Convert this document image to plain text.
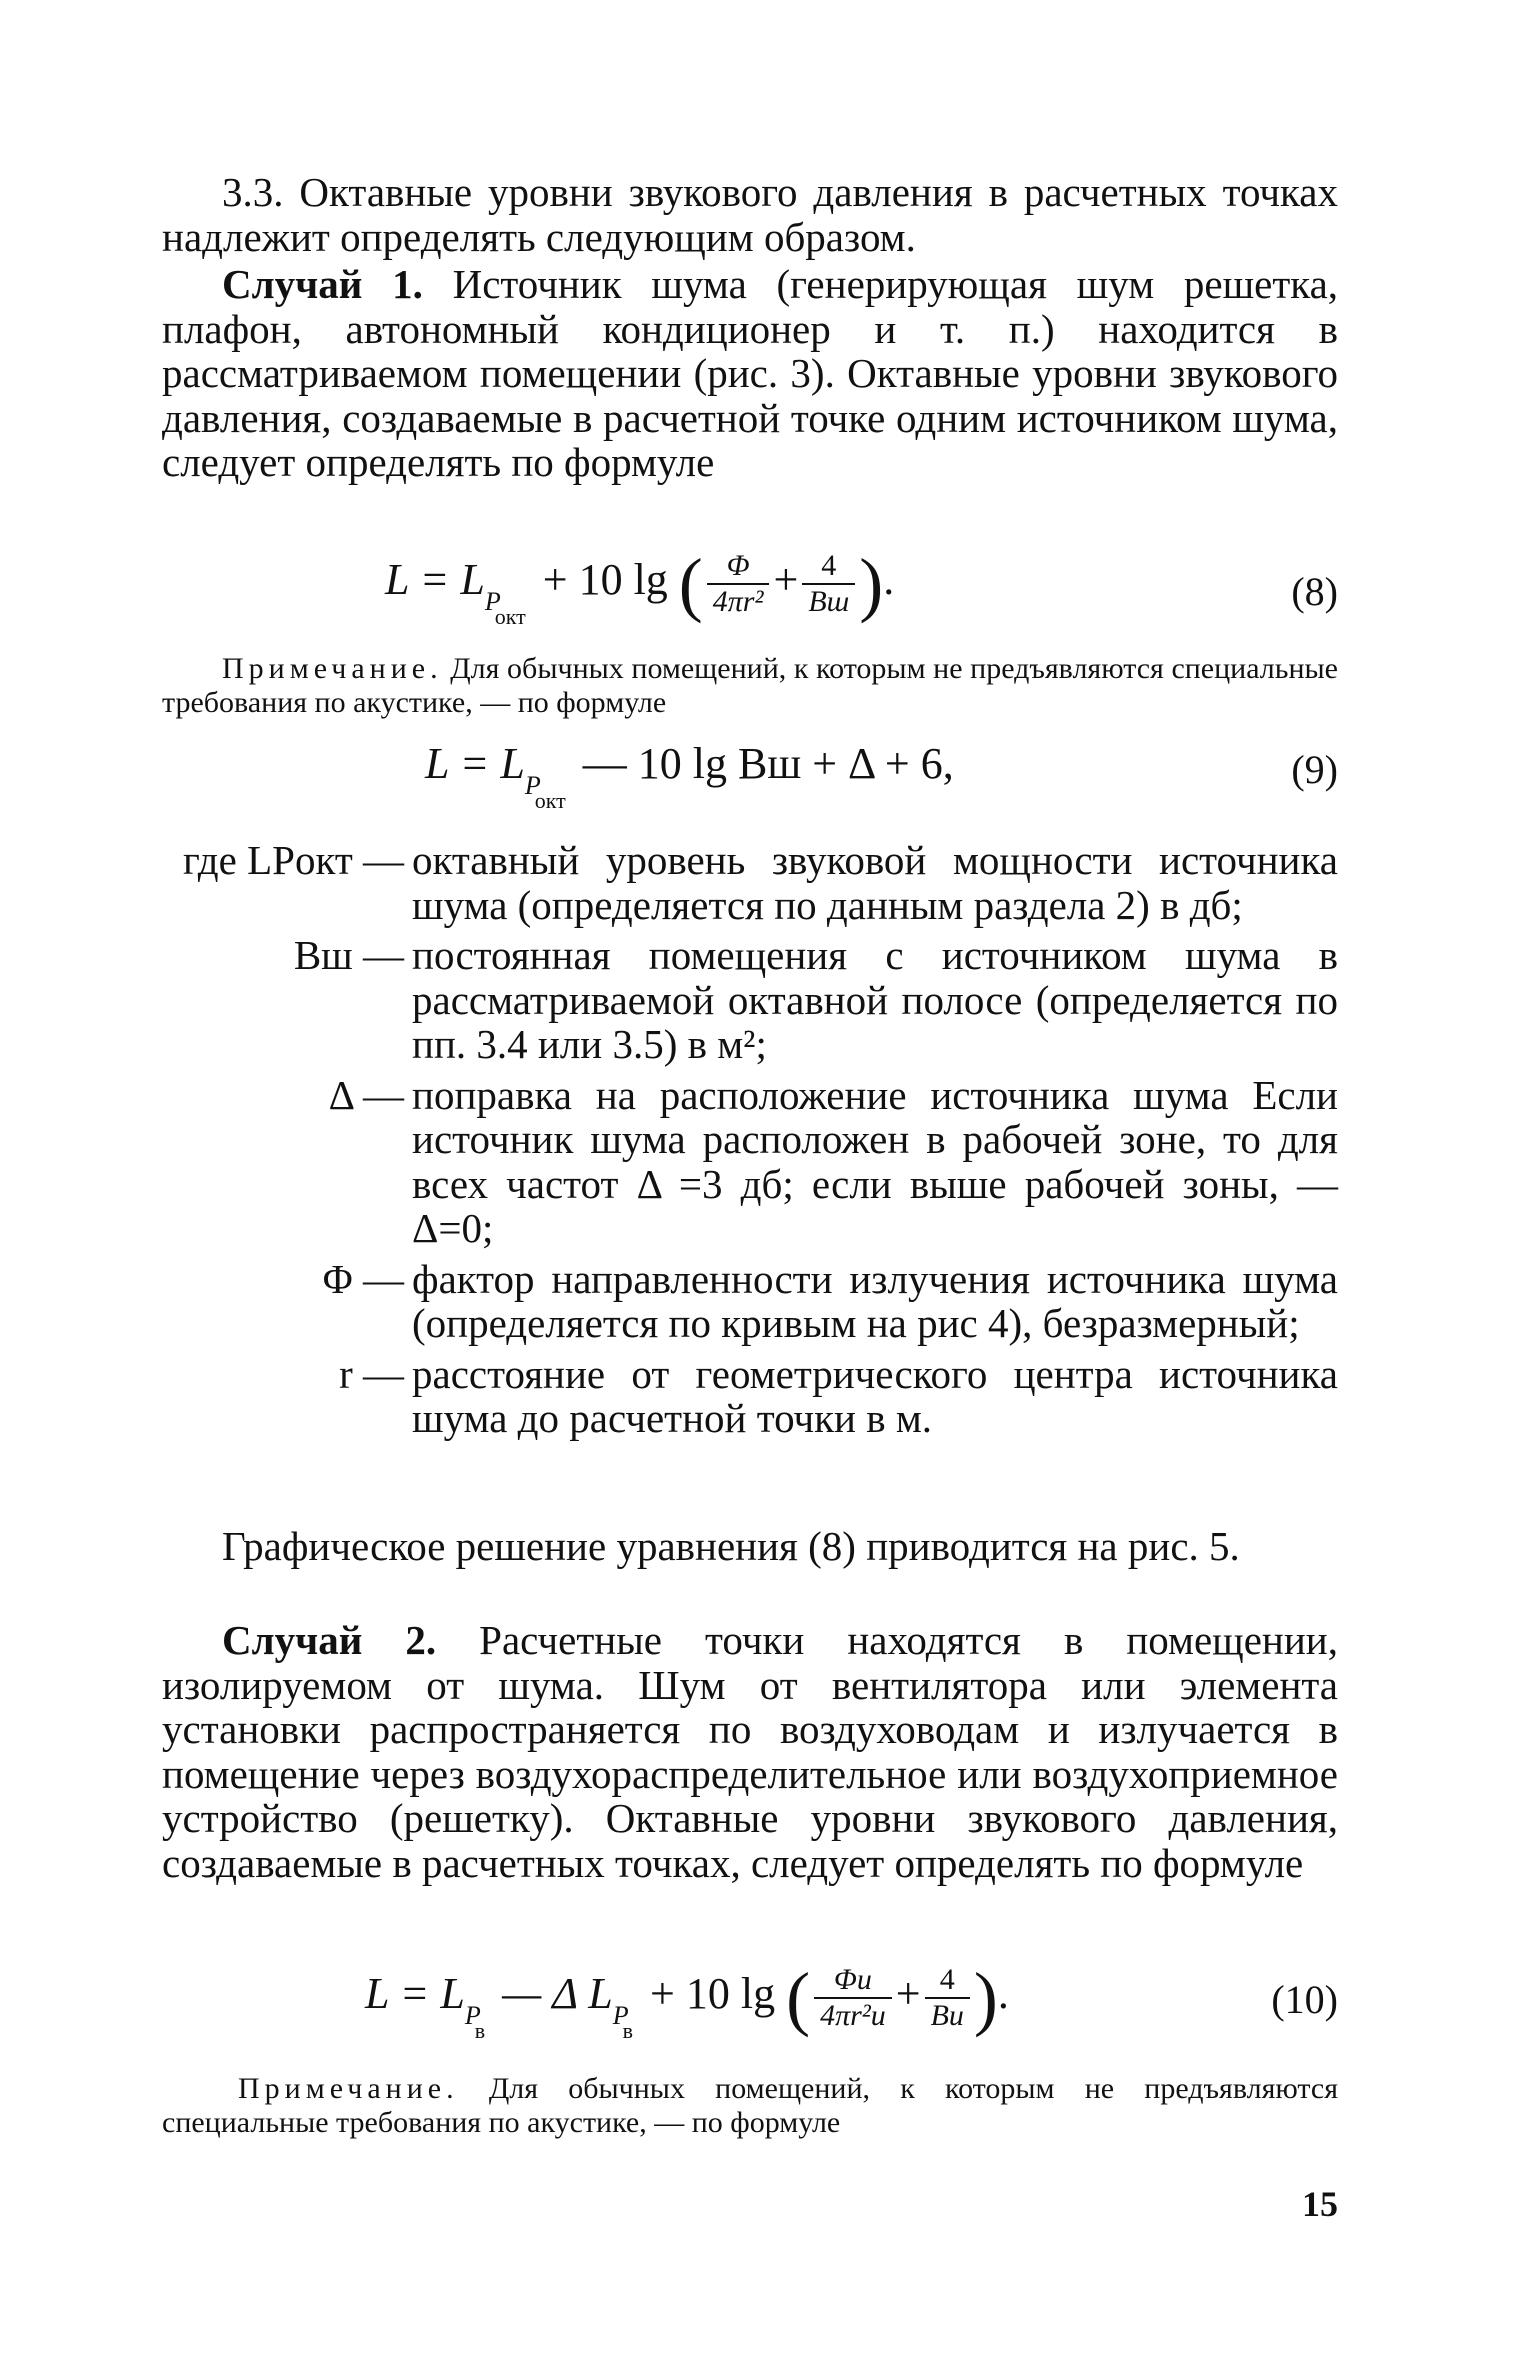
3.3. Октавные уровни звукового давления в расчетных точках надлежит определять следующим образом.

Случай 1. Источник шума (генерирующая шум решетка, плафон, автономный кондиционер и т. п.) находится в рассматриваемом помещении (рис. 3). Октавные уровни звукового давления, создаваемые в расчетной точке одним источником шума, следует определять по формуле

$L = L_{Pокт} + 10$ lg ( $\frac{\Phi}{\text{4πr²}} + \frac{4}{Bш}$ ).	(8)

Примечание. Для обычных помещений, к которым не предъявляются специальные требования по акустике, — по формуле

$L = L_{Pокт}$ — 10 lg Bш + Δ + 6,	(9)
где LPокт — октавный уровень звуковой мощности источника шума (определяется по данным раздела 2) в дб;
Bш — постоянная помещения с источником шума в рассматриваемой октавной полосе (определяется по пп. 3.4 или 3.5) в м²;
Δ — поправка на расположение источника шума Если источник шума расположен в рабочей зоне, то для всех частот Δ =3 дб; если выше рабочей зоны, — Δ=0;
Φ — фактор направленности излучения источника шума (определяется по кривым на рис 4), безразмерный;
r — расстояние от геометрического центра источника шума до расчетной точки в м.

Графическое решение уравнения (8) приводится на рис. 5.

Случай 2. Расчетные точки находятся в помещении, изолируемом от шума. Шум от вентилятора или элемента установки распространяется по воздуховодам и излучается в помещение через воздухораспределительное или воздухоприемное устройство (решетку). Октавные уровни звукового давления, создаваемые в расчетных точках, следует определять по формуле

$L = L_{Pв}$ — Δ $L_{Pв} + 10$ lg ( $\frac{\Phi и}{\text{4πr²и}} + \frac{4}{Bи}$ ).	(10)

Примечание. Для обычных помещений, к которым не предъявляются специальные требования по акустике, — по формуле

15
